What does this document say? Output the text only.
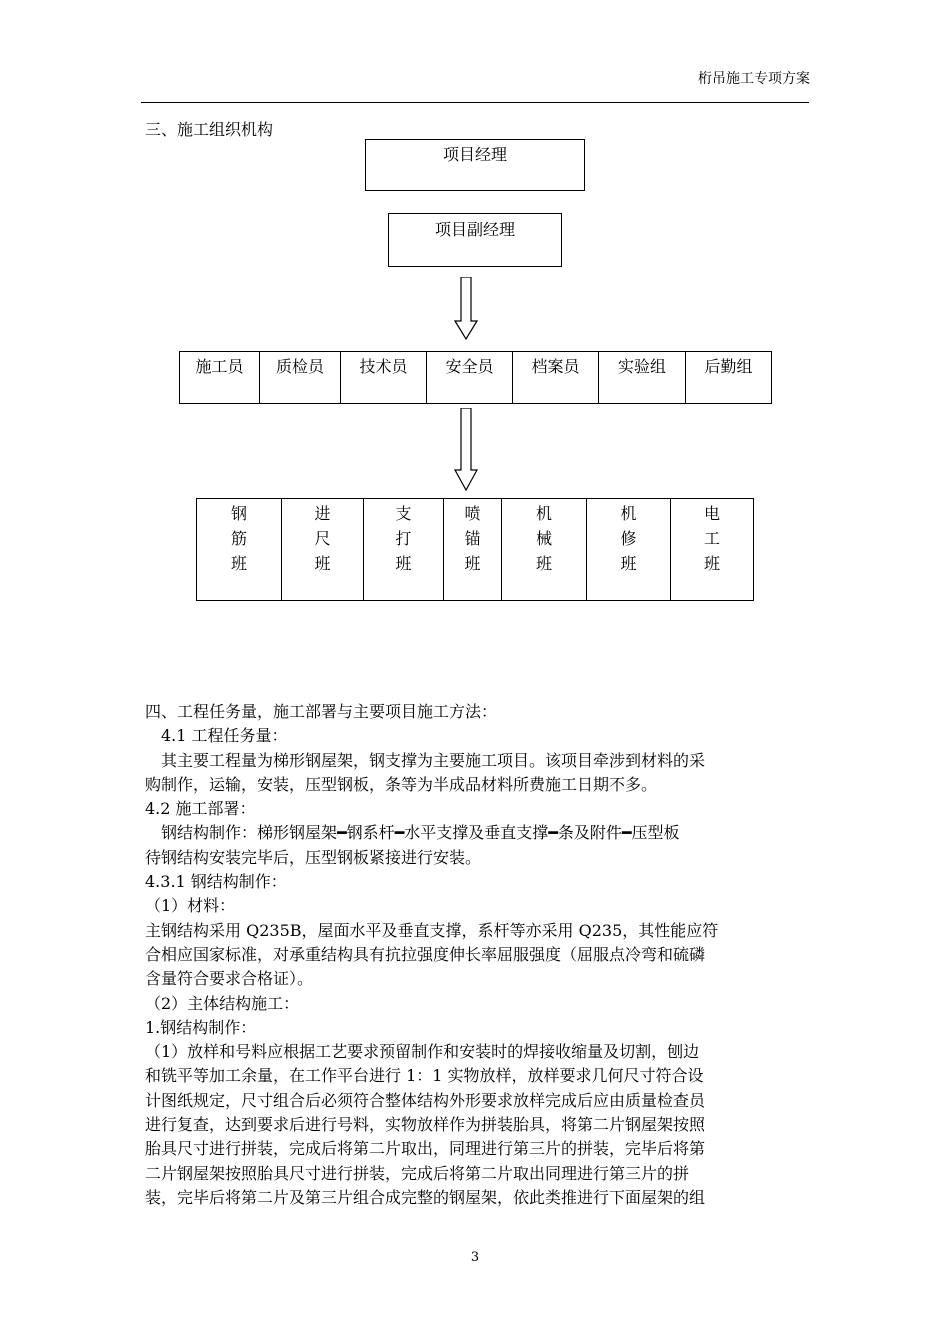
桁吊施工专项方案
三、施工组织机构
项目经理
项目副经理
施工员	质检员	技术员	安全员	档案员	实验组	后勤组
钢
筋
班
进
尺
班
支
打
班
喷
锚
班
机
械
班
机
修
班
电
工
班

四、工程任务量，施工部署与主要项目施工方法：

　4.1 工程任务量：

　其主要工程量为梯形钢屋架，钢支撑为主要施工项目。该项目牵涉到材料的采

购制作，运输，安装，压型钢板，条等为半成品材料所费施工日期不多。

4.2 施工部署：

　钢结构制作：梯形钢屋架━钢系杆━水平支撑及垂直支撑━条及附件━压型板

待钢结构安装完毕后，压型钢板紧接进行安装。

4.3.1 钢结构制作：

（1）材料：

主钢结构采用 Q235B，屋面水平及垂直支撑，系杆等亦采用 Q235，其性能应符

合相应国家标准，对承重结构具有抗拉强度伸长率屈服强度（屈服点冷弯和硫磷

含量符合要求合格证）。

（2）主体结构施工：

1.钢结构制作：

（1）放样和号料应根据工艺要求预留制作和安装时的焊接收缩量及切割，刨边

和铣平等加工余量，在工作平台进行 1：1 实物放样，放样要求几何尺寸符合设

计图纸规定，尺寸组合后必须符合整体结构外形要求放样完成后应由质量检查员

进行复查，达到要求后进行号料，实物放样作为拼装胎具，将第二片钢屋架按照

胎具尺寸进行拼装，完成后将第二片取出，同理进行第三片的拼装，完毕后将第

二片钢屋架按照胎具尺寸进行拼装，完成后将第二片取出同理进行第三片的拼

装，完毕后将第二片及第三片组合成完整的钢屋架，依此类推进行下面屋架的组

3
